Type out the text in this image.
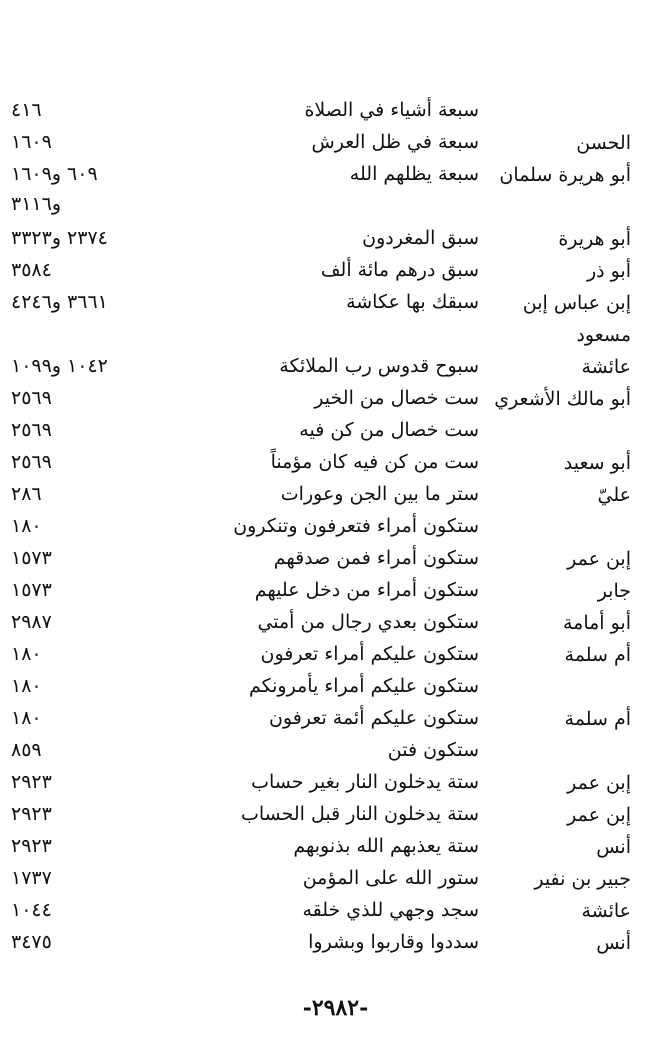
سبعة أشياء في الصلاة
٤١٦
الحسن
سبعة في ظل العرش
١٦٠٩
أبو هريرة سلمان
سبعة يظلهم الله
٦٠٩ و١٦٠٩
و٣١١٦
أبو هريرة
سبق المغردون
٢٣٧٤ و٣٣٢٣
أبو ذر
سبق درهم مائة ألف
٣٥٨٤
إبن عباس إبن مسعود
سبقك بها عكاشة
٣٦٦١ و٤٢٤٦
عائشة
سبوح قدوس رب الملائكة
١٠٤٢ و١٠٩٩
أبو مالك الأشعري
ست خصال من الخير
٢٥٦٩
ست خصال من كن فيه
٢٥٦٩
أبو سعيد
ست من كن فيه كان مؤمناً
٢٥٦٩
عليّ
ستر ما بين الجن وعورات
٢٨٦
ستكون أمراء فتعرفون وتنكرون
١٨٠
إبن عمر
ستكون أمراء فمن صدقهم
١٥٧٣
جابر
ستكون أمراء من دخل عليهم
١٥٧٣
أبو أمامة
ستكون بعدي رجال من أمتي
٢٩٨٧
أم سلمة
ستكون عليكم أمراء تعرفون
١٨٠
ستكون عليكم أمراء يأمرونكم
١٨٠
أم سلمة
ستكون عليكم أئمة تعرفون
١٨٠
ستكون فتن
٨٥٩
إبن عمر
ستة يدخلون النار بغير حساب
٢٩٢٣
إبن عمر
ستة يدخلون النار قبل الحساب
٢٩٢٣
أنس
ستة يعذبهم الله بذنوبهم
٢٩٢٣
جبير بن نفير
ستور الله على المؤمن
١٧٣٧
عائشة
سجد وجهي للذي خلقه
١٠٤٤
أنس
سددوا وقاربوا وبشروا
٣٤٧٥
-٢٩٨٢-
